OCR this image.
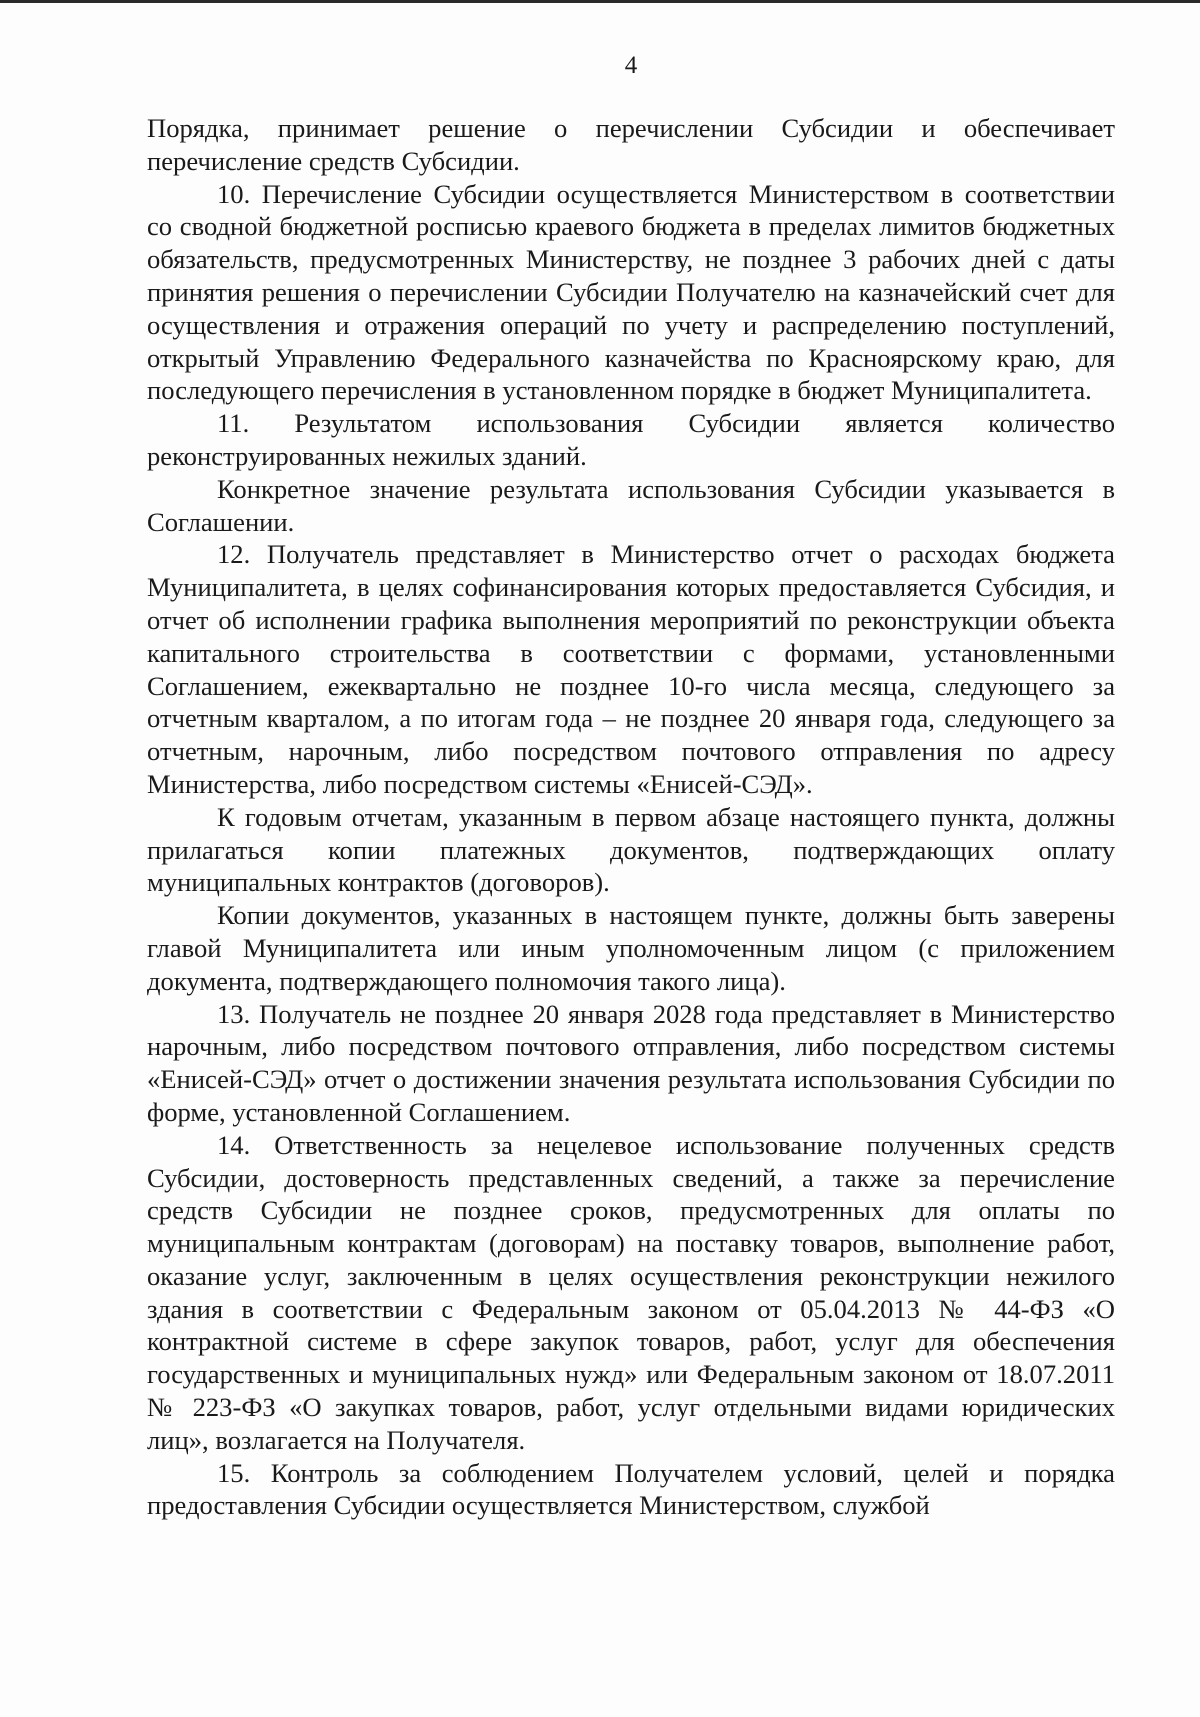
4

Порядка, принимает решение о перечислении Субсидии и обеспечивает перечисление средств Субсидии.

10. Перечисление Субсидии осуществляется Министерством в соответствии со сводной бюджетной росписью краевого бюджета в пределах лимитов бюджетных обязательств, предусмотренных Министерству, не позднее 3 рабочих дней с даты принятия решения о перечислении Субсидии Получателю на казначейский счет для осуществления и отражения операций по учету и распределению поступлений, открытый Управлению Федерального казначейства по Красноярскому краю, для последующего перечисления в установленном порядке в бюджет Муниципалитета.

11. Результатом использования Субсидии является количество реконструированных нежилых зданий.

Конкретное значение результата использования Субсидии указывается в Соглашении.

12. Получатель представляет в Министерство отчет о расходах бюджета Муниципалитета, в целях софинансирования которых предоставляется Субсидия, и отчет об исполнении графика выполнения мероприятий по реконструкции объекта капитального строительства в соответствии с формами, установленными Соглашением, ежеквартально не позднее 10-го числа месяца, следующего за отчетным кварталом, а по итогам года – не позднее 20 января года, следующего за отчетным, нарочным, либо посредством почтового отправления по адресу Министерства, либо посредством системы «Енисей-СЭД».

К годовым отчетам, указанным в первом абзаце настоящего пункта, должны прилагаться копии платежных документов, подтверждающих оплату муниципальных контрактов (договоров).

Копии документов, указанных в настоящем пункте, должны быть заверены главой Муниципалитета или иным уполномоченным лицом (с приложением документа, подтверждающего полномочия такого лица).

13. Получатель не позднее 20 января 2028 года представляет в Министерство нарочным, либо посредством почтового отправления, либо посредством системы «Енисей-СЭД» отчет о достижении значения результата использования Субсидии по форме, установленной Соглашением.

14. Ответственность за нецелевое использование полученных средств Субсидии, достоверность представленных сведений, а также за перечисление средств Субсидии не позднее сроков, предусмотренных для оплаты по муниципальным контрактам (договорам) на поставку товаров, выполнение работ, оказание услуг, заключенным в целях осуществления реконструкции нежилого здания в соответствии с Федеральным законом от 05.04.2013 № 44-ФЗ «О контрактной системе в сфере закупок товаров, работ, услуг для обеспечения государственных и муниципальных нужд» или Федеральным законом от 18.07.2011 № 223-ФЗ «О закупках товаров, работ, услуг отдельными видами юридических лиц», возлагается на Получателя.

15. Контроль за соблюдением Получателем условий, целей и порядка предоставления Субсидии осуществляется Министерством, службой
